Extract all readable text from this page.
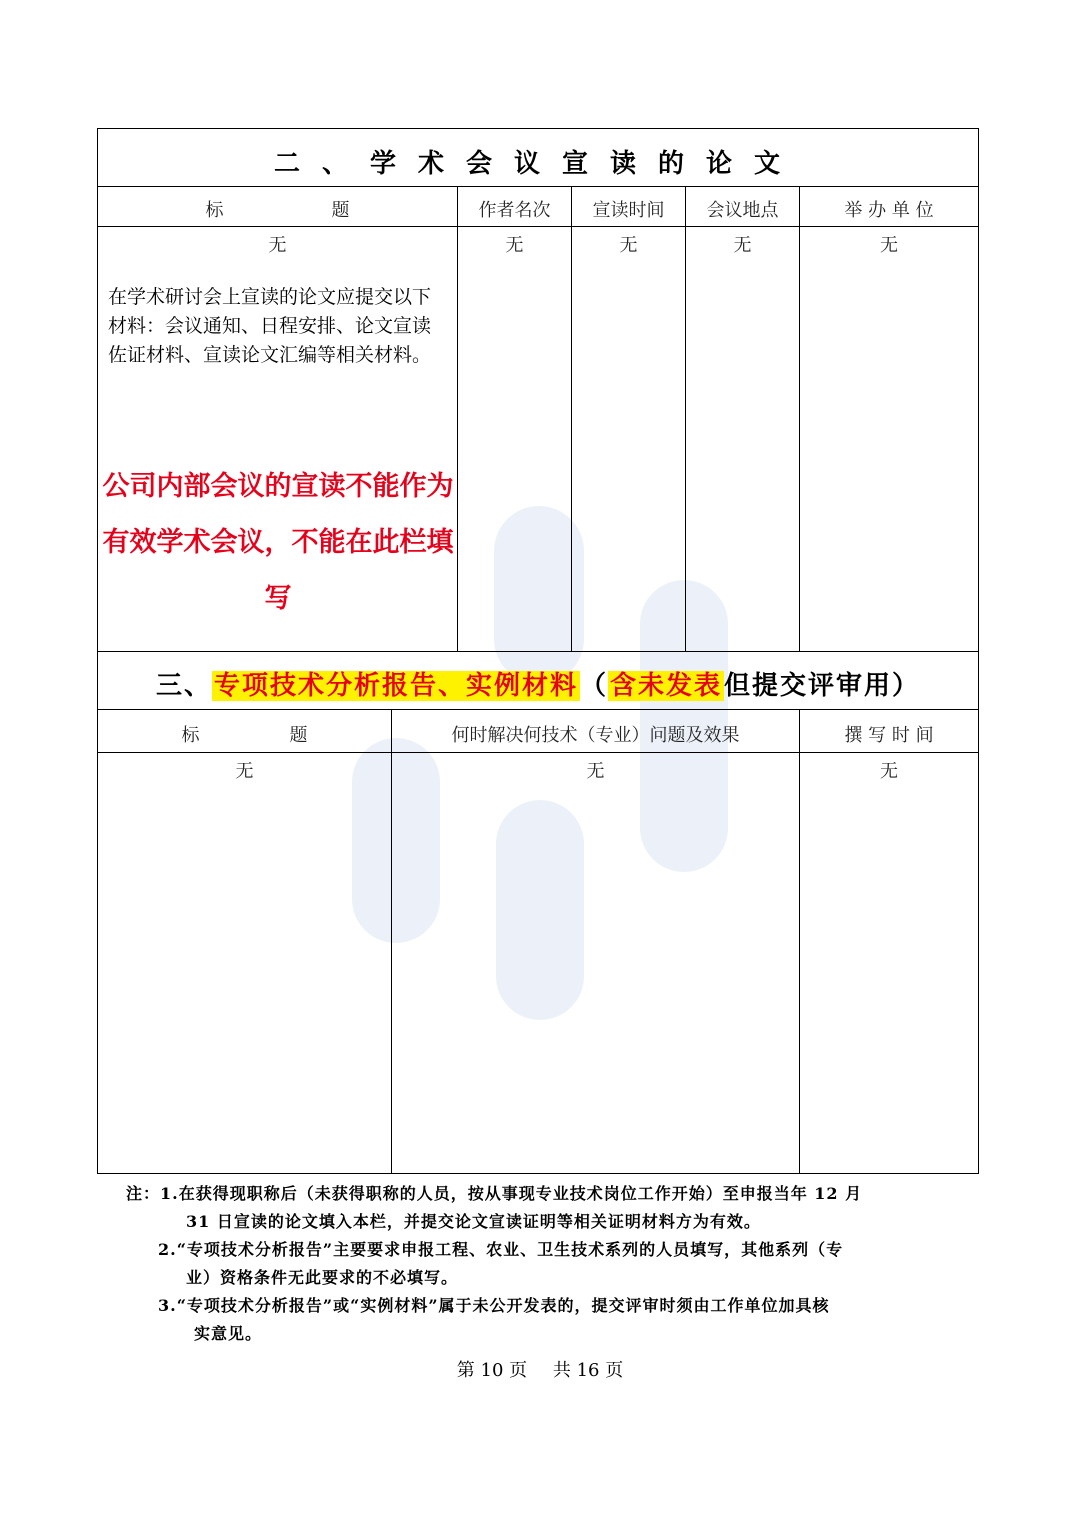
二、学术会议宣读的论文
标　　　　　　题	作者名次	宣读时间	会议地点	举 办 单 位
无	无	无	无	无
在学术研讨会上宣读的论文应提交以下材料：会议通知、日程安排、论文宣读佐证材料、宣读论文汇编等相关材料。
公司内部会议的宣读不能作为有效学术会议，不能在此栏填写
三、专项技术分析报告、实例材料（含未发表但提交评审用）
标　　　　　题	何时解决何技术（专业）问题及效果	撰 写 时 间
无	无	无

注：1.在获得现职称后（未获得职称的人员，按从事现专业技术岗位工作开始）至申报当年 12 月

31 日宣读的论文填入本栏，并提交论文宣读证明等相关证明材料方为有效。

2.“专项技术分析报告”主要要求申报工程、农业、卫生技术系列的人员填写，其他系列（专

业）资格条件无此要求的不必填写。

3.“专项技术分析报告”或“实例材料”属于未公开发表的，提交评审时须由工作单位加具核

实意见。

第 10 页 共 16 页
